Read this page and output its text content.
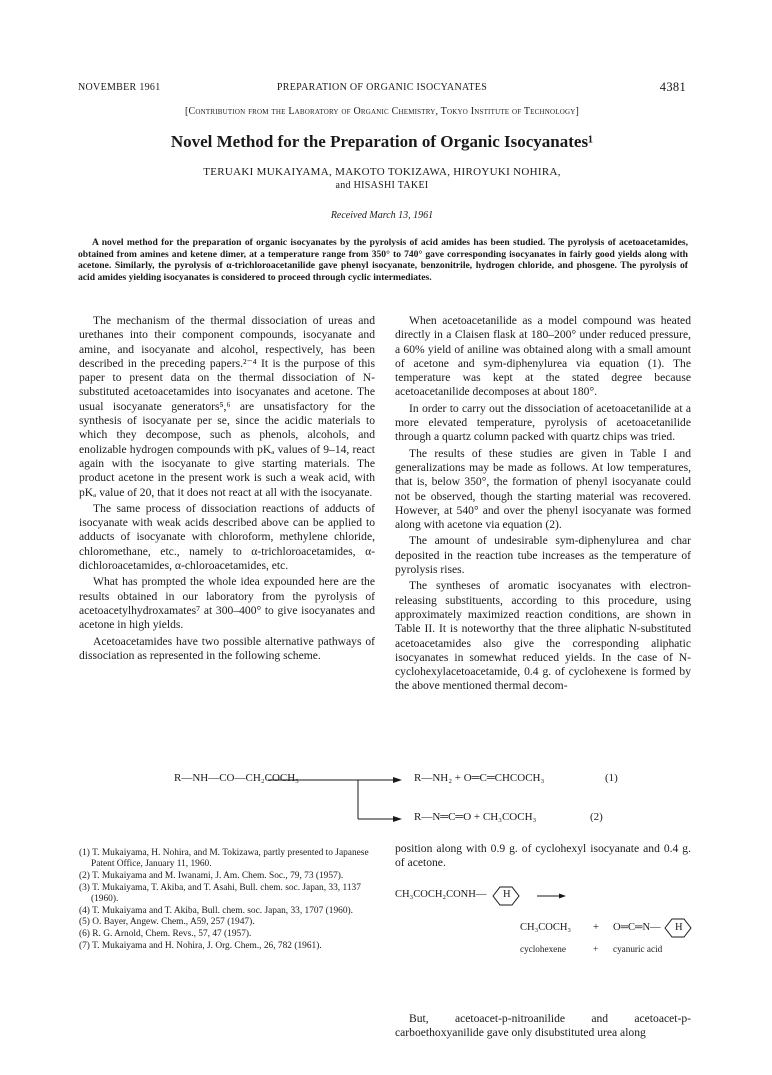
NOVEMBER 1961	PREPARATION OF ORGANIC ISOCYANATES	4381
[Contribution from the Laboratory of Organic Chemistry, Tokyo Institute of Technology]
Novel Method for the Preparation of Organic Isocyanates¹
TERUAKI MUKAIYAMA, MAKOTO TOKIZAWA, HIROYUKI NOHIRA,
and HISASHI TAKEI
Received March 13, 1961

A novel method for the preparation of organic isocyanates by the pyrolysis of acid amides has been studied. The pyrolysis of acetoacetamides, obtained from amines and ketene dimer, at a temperature range from 350° to 740° gave corresponding isocyanates in fairly good yields along with acetone. Similarly, the pyrolysis of α-trichloroacetanilide gave phenyl isocyanate, benzonitrile, hydrogen chloride, and phosgene. The pyrolysis of acid amides yielding isocyanates is considered to proceed through cyclic intermediates.

The mechanism of the thermal dissociation of ureas and urethanes into their component compounds, isocyanate and amine, and isocyanate and alcohol, respectively, has been described in the preceding papers.²⁻⁴ It is the purpose of this paper to present data on the thermal dissociation of N-substituted acetoacetamides into isocyanates and acetone. The usual isocyanate generators⁵,⁶ are unsatisfactory for the synthesis of isocyanate per se, since the acidic materials to which they decompose, such as phenols, alcohols, and enolizable hydrogen compounds with pKₐ values of 9–14, react again with the isocyanate to give starting materials. The product acetone in the present work is such a weak acid, with pKₐ value of 20, that it does not react at all with the isocyanate.

The same process of dissociation reactions of adducts of isocyanate with weak acids described above can be applied to adducts of isocyanate with chloroform, methylene chloride, chloromethane, etc., namely to α-trichloroacetamides, α-dichloroacetamides, α-chloroacetamides, etc.

What has prompted the whole idea expounded here are the results obtained in our laboratory from the pyrolysis of acetoacetylhydroxamates⁷ at 300–400° to give isocyanates and acetone in high yields.

Acetoacetamides have two possible alternative pathways of dissociation as represented in the following scheme.

When acetoacetanilide as a model compound was heated directly in a Claisen flask at 180–200° under reduced pressure, a 60% yield of aniline was obtained along with a small amount of acetone and sym-diphenylurea via equation (1). The temperature was kept at the stated degree because acetoacetanilide decomposes at about 180°.

In order to carry out the dissociation of acetoacetanilide at a more elevated temperature, pyrolysis of acetoacetanilide through a quartz column packed with quartz chips was tried.

The results of these studies are given in Table I and generalizations may be made as follows. At low temperatures, that is, below 350°, the formation of phenyl isocyanate could not be observed, though the starting material was recovered. However, at 540° and over the phenyl isocyanate was formed along with acetone via equation (2).

The amount of undesirable sym-diphenylurea and char deposited in the reaction tube increases as the temperature of pyrolysis rises.

The syntheses of aromatic isocyanates with electron-releasing substituents, according to this procedure, using approximately maximized reaction conditions, are shown in Table II. It is noteworthy that the three aliphatic N-substituted acetoacetamides also give the corresponding aliphatic isocyanates in somewhat reduced yields. In the case of N-cyclohexylacetoacetamide, 0.4 g. of cyclohexene is formed by the above mentioned thermal decom-

R—NH—CO—CH₂COCH₃	R—NH₂ + O═C═CHCOCH₃	(1)
R—N═C═O + CH₃COCH₃	(2)

(1) T. Mukaiyama, H. Nohira, and M. Tokizawa, partly presented to Japanese Patent Office, January 11, 1960.

(2) T. Mukaiyama and M. Iwanami, J. Am. Chem. Soc., 79, 73 (1957).

(3) T. Mukaiyama, T. Akiba, and T. Asahi, Bull. chem. soc. Japan, 33, 1137 (1960).

(4) T. Mukaiyama and T. Akiba, Bull. chem. soc. Japan, 33, 1707 (1960).

(5) O. Bayer, Angew. Chem., A59, 257 (1947).

(6) R. G. Arnold, Chem. Revs., 57, 47 (1957).

(7) T. Mukaiyama and H. Nohira, J. Org. Chem., 26, 782 (1961).

position along with 0.9 g. of cyclohexyl isocyanate and 0.4 g. of acetone.

CH₃COCH₂CONH— H
CH₃COCH₃ + O═C═N— H
cyclohexene	+ cyanuric acid

But, acetoacet-p-nitroanilide and acetoacet-p-carboethoxyanilide gave only disubstituted urea along
